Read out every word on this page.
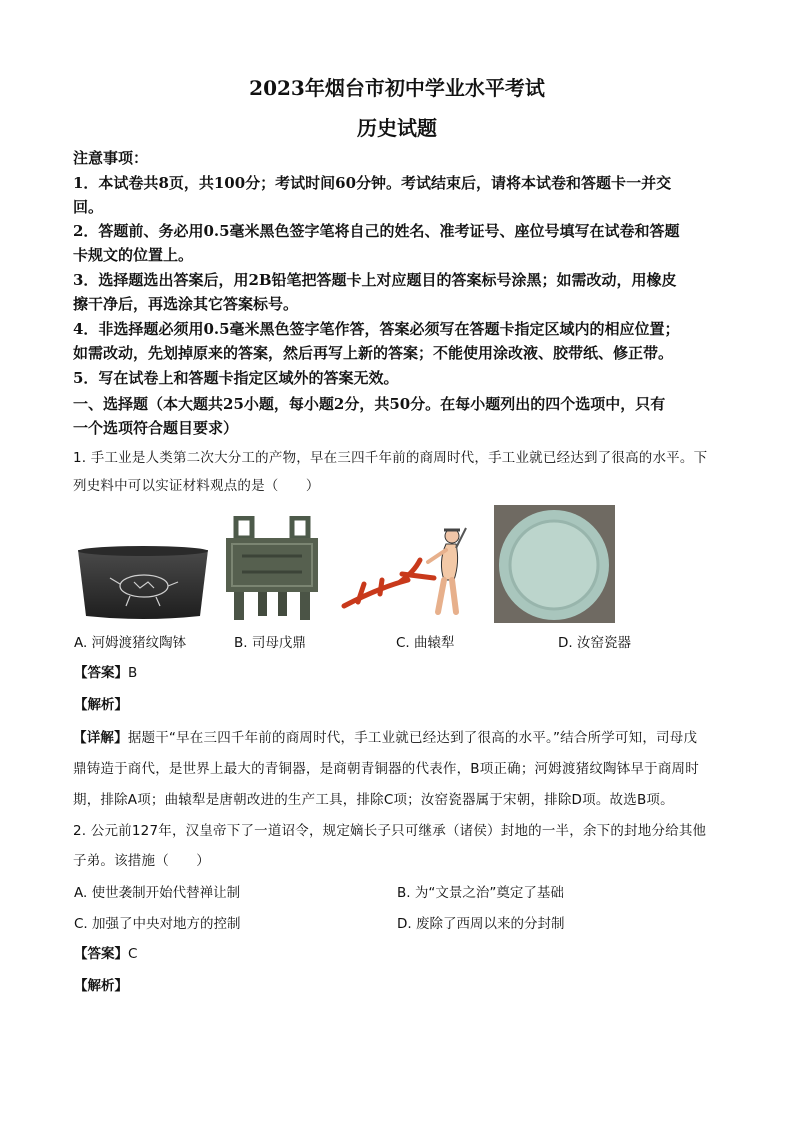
2023年烟台市初中学业水平考试
历史试题
注意事项：
1．本试卷共8页，共100分；考试时间60分钟。考试结束后，请将本试卷和答题卡一并交
回。
2．答题前、务必用0.5毫米黑色签字笔将自己的姓名、准考证号、座位号填写在试卷和答题
卡规文的位置上。
3．选择题选出答案后，用2B铅笔把答题卡上对应题目的答案标号涂黑；如需改动，用橡皮
擦干净后，再选涂其它答案标号。
4．非选择题必须用0.5毫米黑色签字笔作答，答案必须写在答题卡指定区域内的相应位置；
如需改动，先划掉原来的答案，然后再写上新的答案；不能使用涂改液、胶带纸、修正带。
5．写在试卷上和答题卡指定区域外的答案无效。
一、选择题（本大题共25小题，每小题2分，共50分。在每小题列出的四个选项中，只有
一个选项符合题目要求）
1. 手工业是人类第二次大分工的产物，早在三四千年前的商周时代，手工业就已经达到了很高的水平。下
列史料中可以实证材料观点的是（　　）
A. 河姆渡猪纹陶钵	B. 司母戊鼎	C. 曲辕犁	D. 汝窑瓷器
【答案】B
【解析】
【详解】据题干“早在三四千年前的商周时代，手工业就已经达到了很高的水平。”结合所学可知，司母戊
鼎铸造于商代，是世界上最大的青铜器，是商朝青铜器的代表作，B项正确；河姆渡猪纹陶钵早于商周时
期，排除A项；曲辕犁是唐朝改进的生产工具，排除C项；汝窑瓷器属于宋朝，排除D项。故选B项。
2. 公元前127年，汉皇帝下了一道诏令，规定嫡长子只可继承（诸侯）封地的一半，余下的封地分给其他
子弟。该措施（　　）
A. 使世袭制开始代替禅让制	B. 为“文景之治”奠定了基础
C. 加强了中央对地方的控制	D. 废除了西周以来的分封制
【答案】C
【解析】
